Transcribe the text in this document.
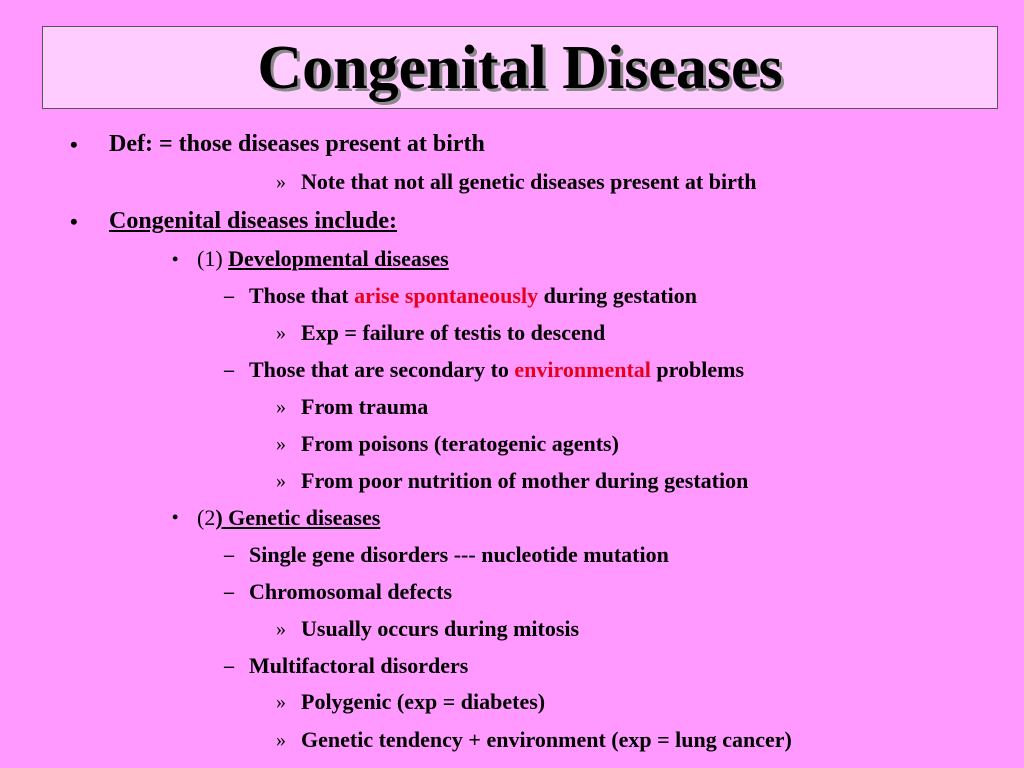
Congenital Diseases
• Def: = those diseases present at birth
» Note that not all genetic diseases present at birth
• Congenital diseases include:
• (1) Developmental diseases
– Those that arise spontaneously during gestation
» Exp = failure of testis to descend
– Those that are secondary to environmental problems
» From trauma
» From poisons (teratogenic agents)
» From poor nutrition of mother during gestation
• (2) Genetic diseases
– Single gene disorders --- nucleotide mutation
– Chromosomal defects
» Usually occurs during mitosis
– Multifactoral disorders
» Polygenic (exp = diabetes)
» Genetic tendency + environment (exp = lung cancer)
